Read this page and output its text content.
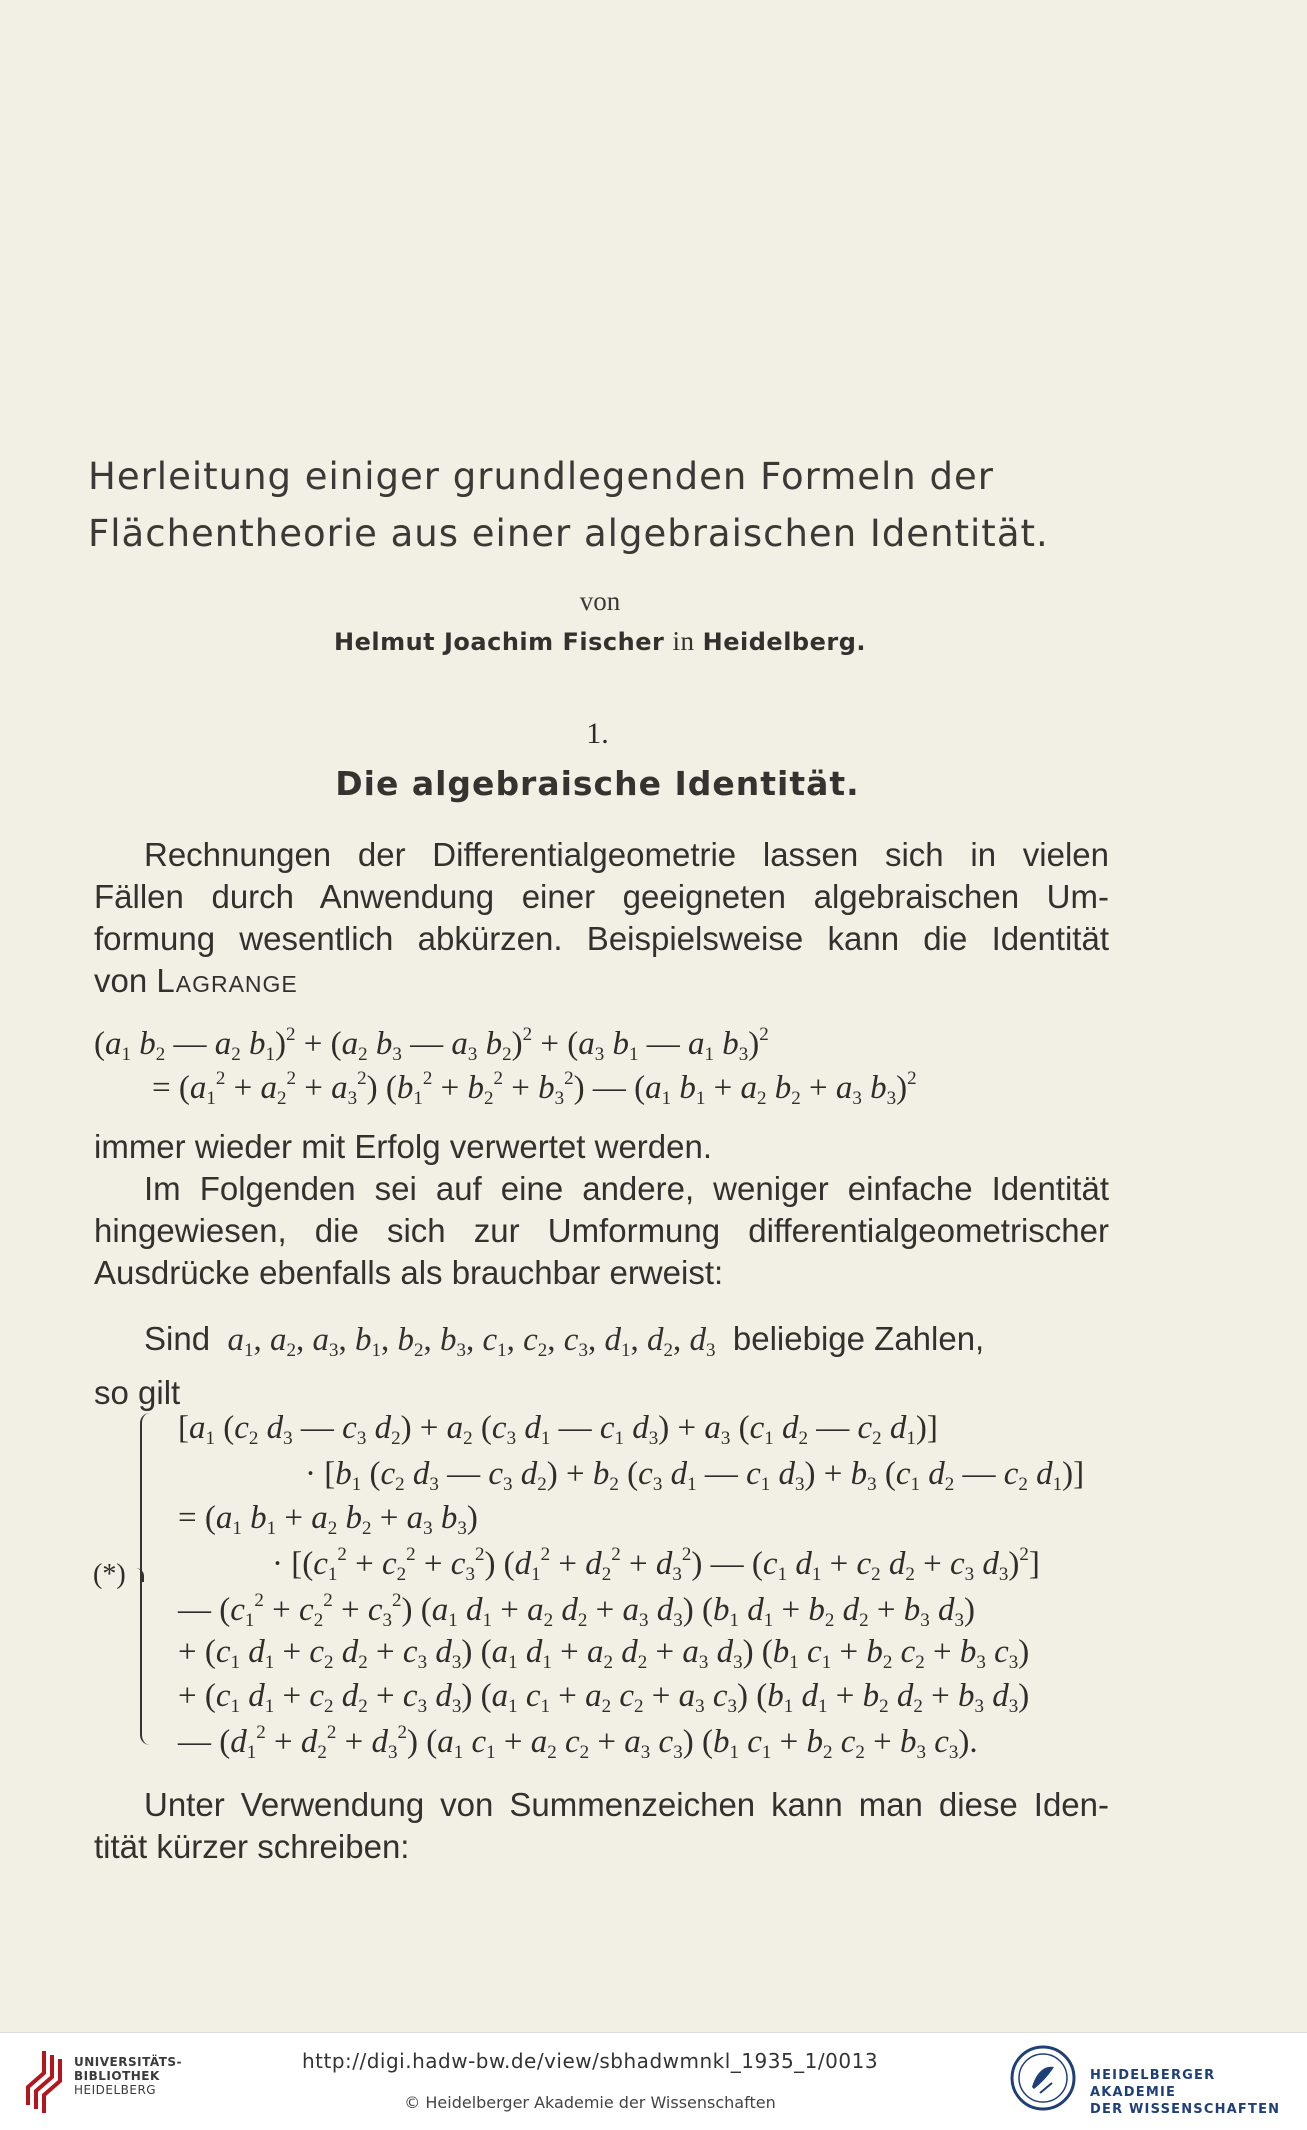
Herleitung einiger grundlegenden Formeln der
Flächentheorie aus einer algebraischen Identität.
von
Helmut Joachim Fischer in Heidelberg.
1.
Die algebraische Identität.
Rechnungen der Differentialgeometrie lassen sich in vielen
Fällen durch Anwendung einer geeigneten algebraischen Um-
formung wesentlich abkürzen. Beispielsweise kann die Identität
von Lagrange
($a_1$ $b_2$ — $a_2$ $b_1)^2 + (a_2$ $b_3$ — $a_3$ $b_2)^2 + (a_3$ $b_1$ — $a_1$ $b_3)^2$
= $(a_1^2 + a_2^2 + a_3^2) (b_1^2 + b_2^2 + b_3^2)$ — ($a_1$ $b_1 + a_2$ $b_2 + a_3$ $b_3)^2$
immer wieder mit Erfolg verwertet werden.
Im Folgenden sei auf eine andere, weniger einfache Identität
hingewiesen, die sich zur Umformung differentialgeometrischer
Ausdrücke ebenfalls als brauchbar erweist:
Sind $a_1$, $a_2$, $a_3$, $b_1$, $b_2$, $b_3$, $c_1$, $c_2$, $c_3$, $d_1$, $d_2$, $d_3$ beliebige Zahlen,
so gilt
(*)
[$a_1$ ($c_2$ $d_3$ — $c_3$ $d_2) + a_2$ ($c_3$ $d_1$ — $c_1$ $d_3) + a_3$ ($c_1$ $d_2$ — $c_2$ $d_1$)]
· [$b_1$ ($c_2$ $d_3$ — $c_3$ $d_2) + b_2$ ($c_3$ $d_1$ — $c_1$ $d_3) + b_3$ ($c_1$ $d_2$ — $c_2$ $d_1$)]
= ($a_1$ $b_1 + a_2$ $b_2 + a_3$ $b_3$)
· [$(c_1^2 + c_2^2 + c_3^2) (d_1^2 + d_2^2 + d_3^2)$ — ($c_1$ $d_1 + c_2$ $d_2 + c_3$ $d_3)^2$]
— $(c_1^2 + c_2^2 + c_3^2)$ ($a_1$ $d_1 + a_2$ $d_2 + a_3$ $d_3$) ($b_1$ $d_1 + b_2$ $d_2 + b_3$ $d_3$)
+ ($c_1$ $d_1 + c_2$ $d_2 + c_3$ $d_3$) ($a_1$ $d_1 + a_2$ $d_2 + a_3$ $d_3$) ($b_1$ $c_1 + b_2$ $c_2 + b_3$ $c_3$)
+ ($c_1$ $d_1 + c_2$ $d_2 + c_3$ $d_3$) ($a_1$ $c_1 + a_2$ $c_2 + a_3$ $c_3$) ($b_1$ $d_1 + b_2$ $d_2 + b_3$ $d_3$)
— $(d_1^2 + d_2^2 + d_3^2)$ ($a_1$ $c_1 + a_2$ $c_2 + a_3$ $c_3$) ($b_1$ $c_1 + b_2$ $c_2 + b_3$ $c_3$).
Unter Verwendung von Summenzeichen kann man diese Iden-
tität kürzer schreiben:
UNIVERSITÄTS-
BIBLIOTHEK
HEIDELBERG
http://digi.hadw-bw.de/view/sbhadwmnkl_1935_1/0013
© Heidelberger Akademie der Wissenschaften
HEIDELBERGER AKADEMIE
DER WISSENSCHAFTEN
